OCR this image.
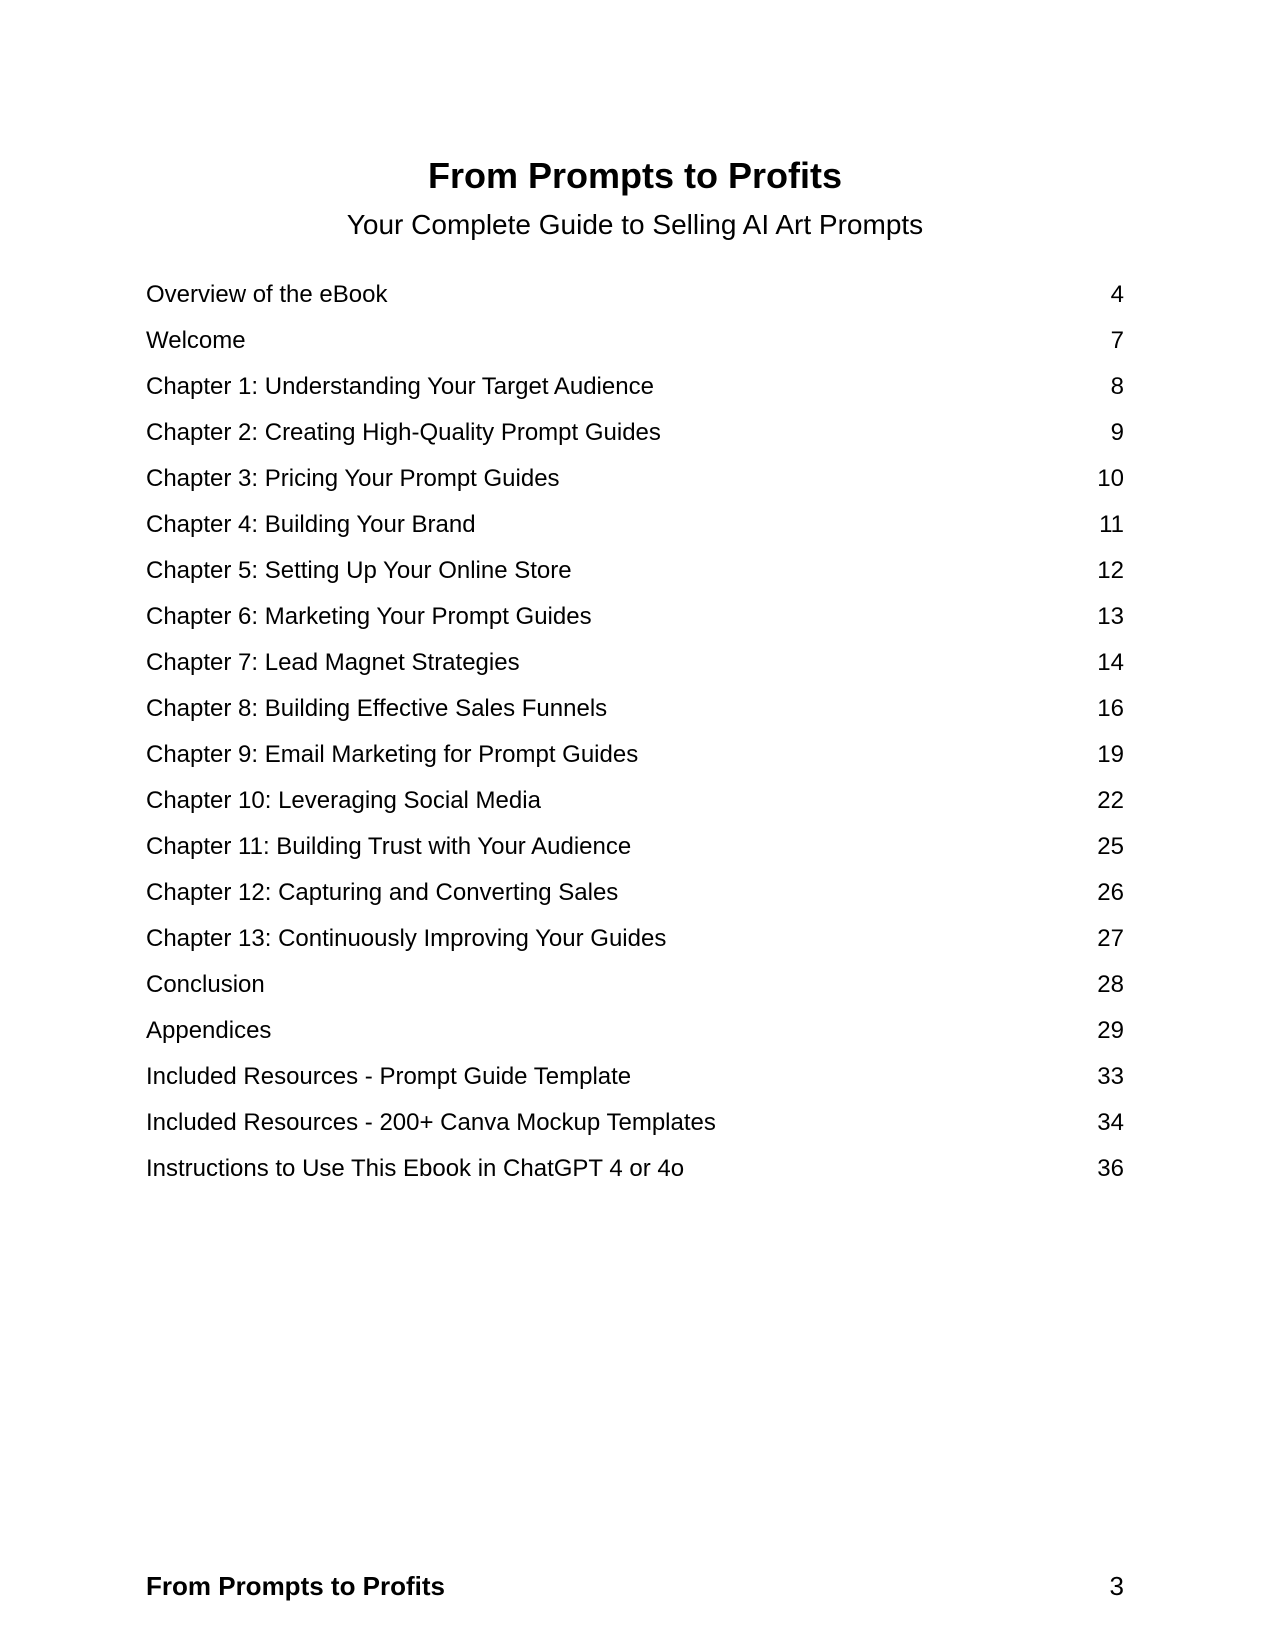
From Prompts to Profits
Your Complete Guide to Selling AI Art Prompts
Overview of the eBook	4
Welcome	7
Chapter 1: Understanding Your Target Audience	8
Chapter 2: Creating High-Quality Prompt Guides	9
Chapter 3: Pricing Your Prompt Guides	10
Chapter 4: Building Your Brand	11
Chapter 5: Setting Up Your Online Store	12
Chapter 6: Marketing Your Prompt Guides	13
Chapter 7: Lead Magnet Strategies	14
Chapter 8: Building Effective Sales Funnels	16
Chapter 9: Email Marketing for Prompt Guides	19
Chapter 10: Leveraging Social Media	22
Chapter 11: Building Trust with Your Audience	25
Chapter 12: Capturing and Converting Sales	26
Chapter 13: Continuously Improving Your Guides	27
Conclusion	28
Appendices	29
Included Resources - Prompt Guide Template	33
Included Resources - 200+ Canva Mockup Templates	34
Instructions to Use This Ebook in ChatGPT 4 or 4o	36
From Prompts to Profits	3
